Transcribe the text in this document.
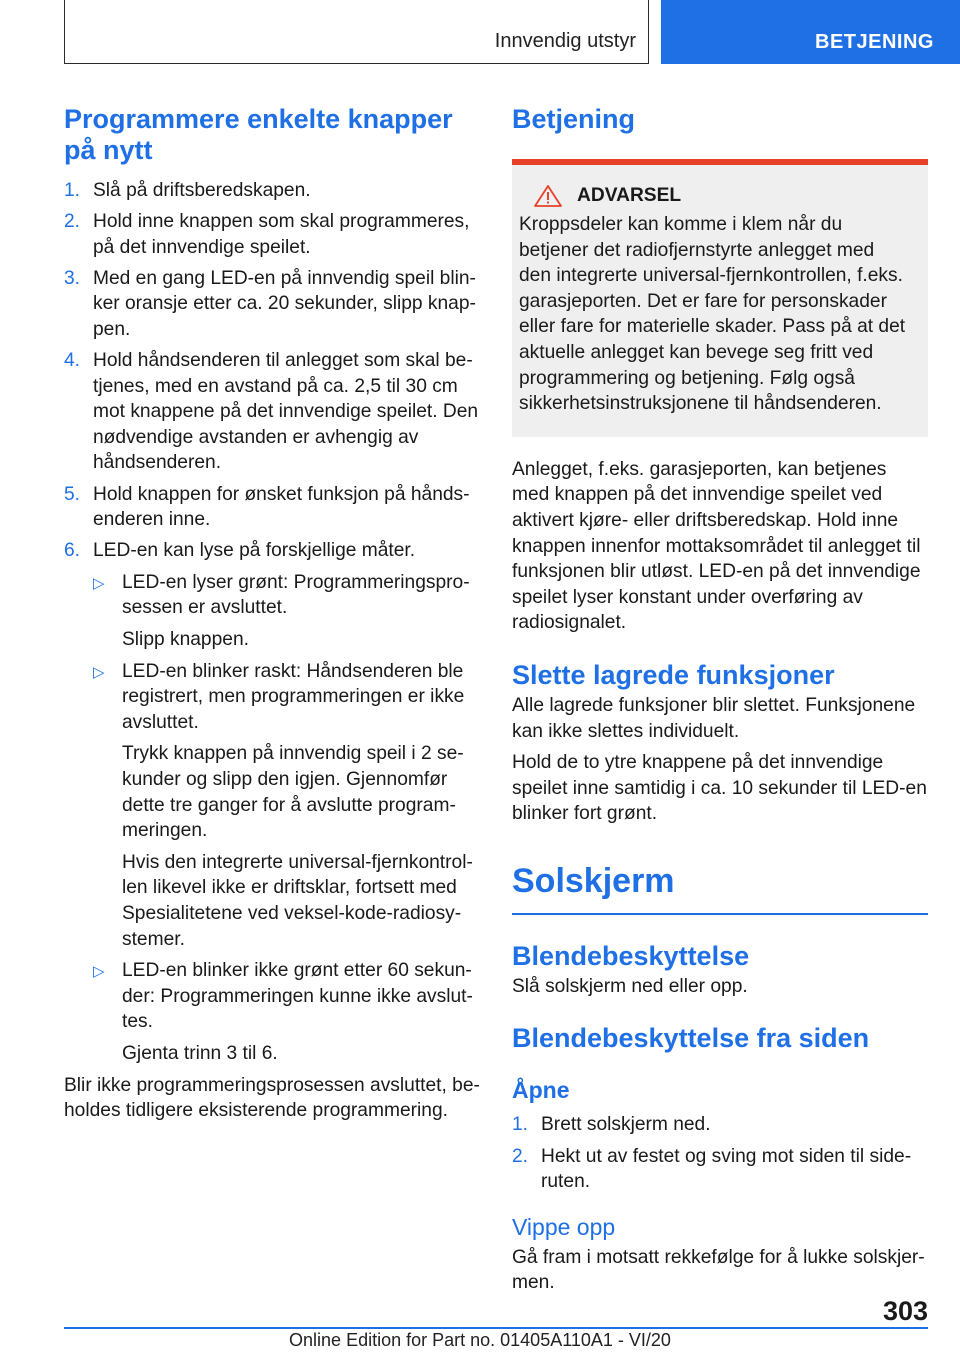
Innvendig utstyr	BETJENING
Programmere enkelte knapper på nytt
1. Slå på driftsberedskapen.
2. Hold inne knappen som skal programmeres, på det innvendige speilet.
3. Med en gang LED-en på innvendig speil blinker oransje etter ca. 20 sekunder, slipp knappen.
4. Hold håndsenderen til anlegget som skal betjenes, med en avstand på ca. 2,5 til 30 cm mot knappene på det innvendige speilet. Den nødvendige avstanden er avhengig av håndsenderen.
5. Hold knappen for ønsket funksjon på håndsenderen inne.
6. LED-en kan lyse på forskjellige måter.
▷ LED-en lyser grønt: Programmeringsprosessen er avsluttet.

Slipp knappen.

▷ LED-en blinker raskt: Håndsenderen ble registrert, men programmeringen er ikke avsluttet.

Trykk knappen på innvendig speil i 2 sekunder og slipp den igjen. Gjennomfør dette tre ganger for å avslutte programmeringen.

Hvis den integrerte universal-fjernkontrollen likevel ikke er driftsklar, fortsett med Spesialitetene ved veksel-kode-radiosystemer.

▷ LED-en blinker ikke grønt etter 60 sekunder: Programmeringen kunne ikke avsluttes.

Gjenta trinn 3 til 6.

Blir ikke programmeringsprosessen avsluttet, beholdes tidligere eksisterende programmering.

Betjening
ADVARSEL
Kroppsdeler kan komme i klem når du betjener det radiofjernstyrte anlegget med den integrerte universal-fjernkontrollen, f.eks. garasjeporten. Det er fare for personskader eller fare for materielle skader. Pass på at det aktuelle anlegget kan bevege seg fritt ved programmering og betjening. Følg også sikkerhetsinstruksjonene til håndsenderen.

Anlegget, f.eks. garasjeporten, kan betjenes med knappen på det innvendige speilet ved aktivert kjøre- eller driftsberedskap. Hold inne knappen innenfor mottaksområdet til anlegget til funksjonen blir utløst. LED-en på det innvendige speilet lyser konstant under overføring av radiosignalet.

Slette lagrede funksjoner

Alle lagrede funksjoner blir slettet. Funksjonene kan ikke slettes individuelt.

Hold de to ytre knappene på det innvendige speilet inne samtidig i ca. 10 sekunder til LED-en blinker fort grønt.

Solskjerm
Blendebeskyttelse

Slå solskjerm ned eller opp.

Blendebeskyttelse fra siden
Åpne
1. Brett solskjerm ned.
2. Hekt ut av festet og sving mot siden til sideruten.
Vippe opp

Gå fram i motsatt rekkefølge for å lukke solskjermen.

303
Online Edition for Part no. 01405A110A1 - VI/20
